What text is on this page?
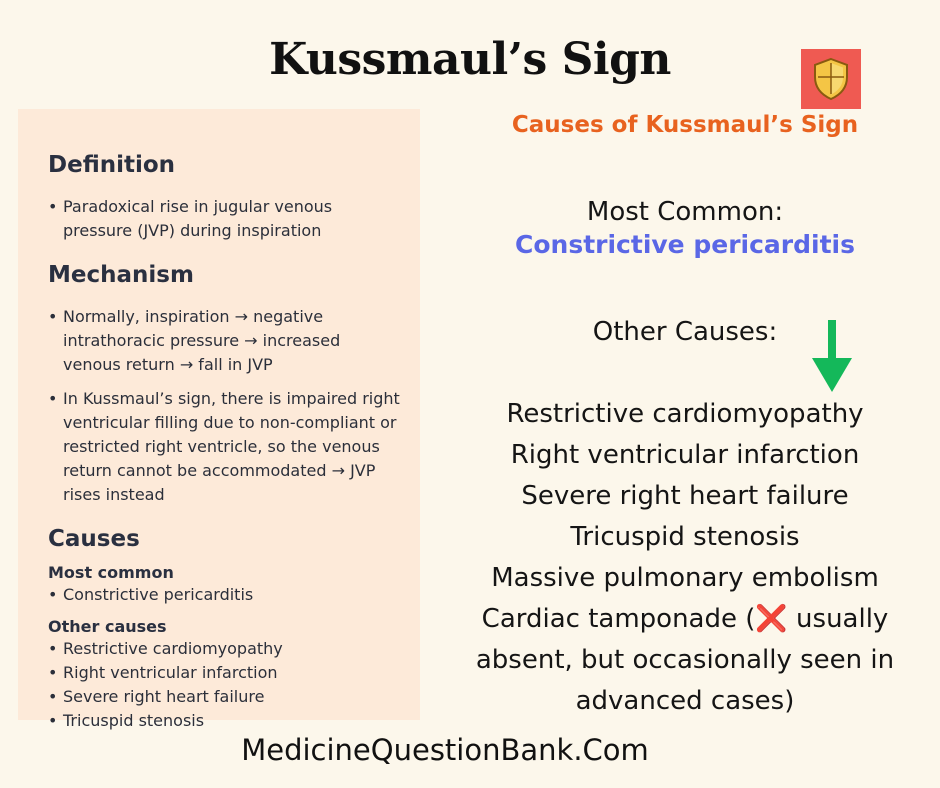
Kussmaul’s Sign
Definition
• Paradoxical rise in jugular venous pressure (JVP) during inspiration
Mechanism
• Normally, inspiration → negative intrathoracic pressure → increased venous return → fall in JVP
• In Kussmaul’s sign, there is impaired right ventricular filling due to non-compliant or restricted right ventricle, so the venous return cannot be accommodated → JVP rises instead
Causes
Most common
• Constrictive pericarditis
Other causes
• Restrictive cardiomyopathy
• Right ventricular infarction
• Severe right heart failure
• Tricuspid stenosis
Causes of Kussmaul’s Sign
Most Common:
Constrictive pericarditis
Other Causes:
Restrictive cardiomyopathy
Right ventricular infarction
Severe right heart failure
Tricuspid stenosis
Massive pulmonary embolism
Cardiac tamponade (❌ usually absent, but occasionally seen in advanced cases)
MedicineQuestionBank.Com
